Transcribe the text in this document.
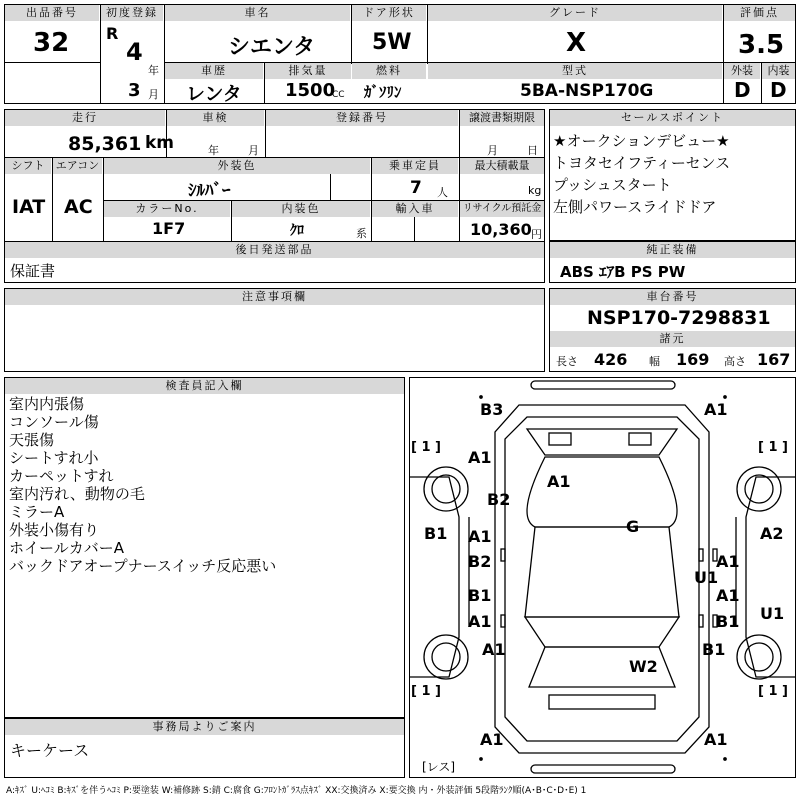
出品番号
32
初度登録
R
4
年
3 月
車名
シエンタ
ドア形状
5W
グレード
X
評価点
3.5
車歴
レンタ
排気量
1500
CC
燃料
ｶﾞｿﾘﾝ
型式
5BA-NSP170G
外装	内装
D D
走行
85,361 km
車検
年	月
登録番号	譲渡書類期限
月	日
シフト	エアコン
IAT AC
外装色
ｼﾙﾊﾞｰ
乗車定員
7 人
最大積載量
kg
カラーNo.
1F7
内装色
ｸﾛ	系
輸入車	リサイクル預託金
10,360 円
後日発送部品
保証書
セールスポイント
★オークションデビュー★
トヨタセイフティーセンス
プッシュスタート
左側パワースライドドア
純正装備
ABS ｴｱB PS PW
注意事項欄	車台番号
NSP170-7298831
諸元
長さ 426 幅 169 高さ 167
検査員記入欄
室内内張傷
コンソール傷
天張傷
シートすれ小
カーペットすれ
室内汚れ、動物の毛
ミラーA
外装小傷有り
ホイールカバーA
バックドアオープナースイッチ反応悪い
事務局よりご案内
キーケース
[ 1 ]	[ 1 ]
[ 1 ]	[ 1 ]
[レス]
B3	A1
A1
B2
A1
B1 A1
B2
G	A2
A1
U1
B1	A1
A1
A1
U1
B1
A1
B1
W2
A1
A:ｷｽﾞ U:ﾍｺﾐ B:ｷｽﾞを伴うﾍｺﾐ P:要塗装 W:補修跡 S:錆 C:腐食 G:ﾌﾛﾝﾄｶﾞﾗｽ点ｷｽﾞ XX:交換済み X:要交換 内・外装評価 5段階ﾗﾝｸ順(A･B･C･D･E) 1
